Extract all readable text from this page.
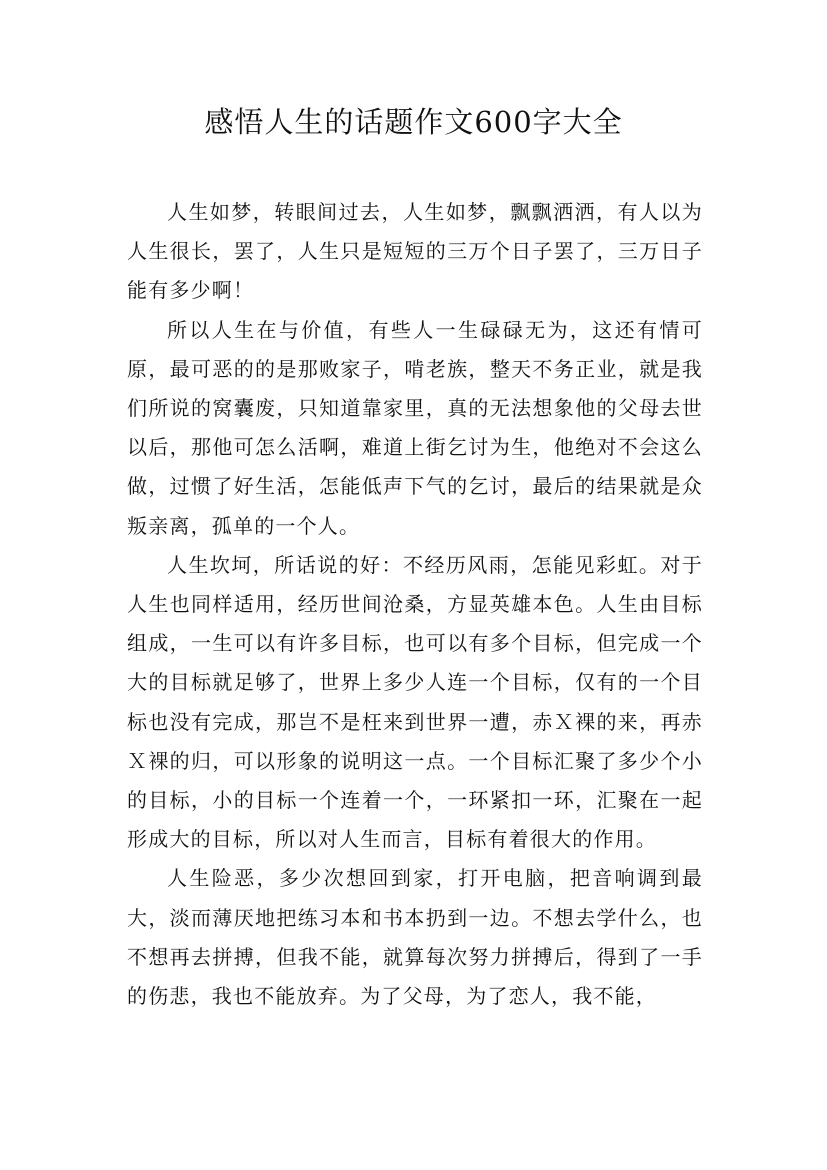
感悟人生的话题作文600字大全

人生如梦，转眼间过去，人生如梦，飘飘洒洒，有人以为人生很长，罢了，人生只是短短的三万个日子罢了，三万日子能有多少啊！

所以人生在与价值，有些人一生碌碌无为，这还有情可原，最可恶的的是那败家子，啃老族，整天不务正业，就是我们所说的窝囊废，只知道靠家里，真的无法想象他的父母去世以后，那他可怎么活啊，难道上街乞讨为生，他绝对不会这么做，过惯了好生活，怎能低声下气的乞讨，最后的结果就是众叛亲离，孤单的一个人。

人生坎坷，所话说的好：不经历风雨，怎能见彩虹。对于人生也同样适用，经历世间沧桑，方显英雄本色。人生由目标组成，一生可以有许多目标，也可以有多个目标，但完成一个大的目标就足够了，世界上多少人连一个目标，仅有的一个目标也没有完成，那岂不是枉来到世界一遭，赤Ｘ裸的来，再赤Ｘ裸的归，可以形象的说明这一点。一个目标汇聚了多少个小的目标，小的目标一个连着一个，一环紧扣一环，汇聚在一起形成大的目标，所以对人生而言，目标有着很大的作用。

人生险恶，多少次想回到家，打开电脑，把音响调到最大，淡而薄厌地把练习本和书本扔到一边。不想去学什么，也不想再去拼搏，但我不能，就算每次努力拼搏后，得到了一手的伤悲，我也不能放弃。为了父母，为了恋人，我不能，
